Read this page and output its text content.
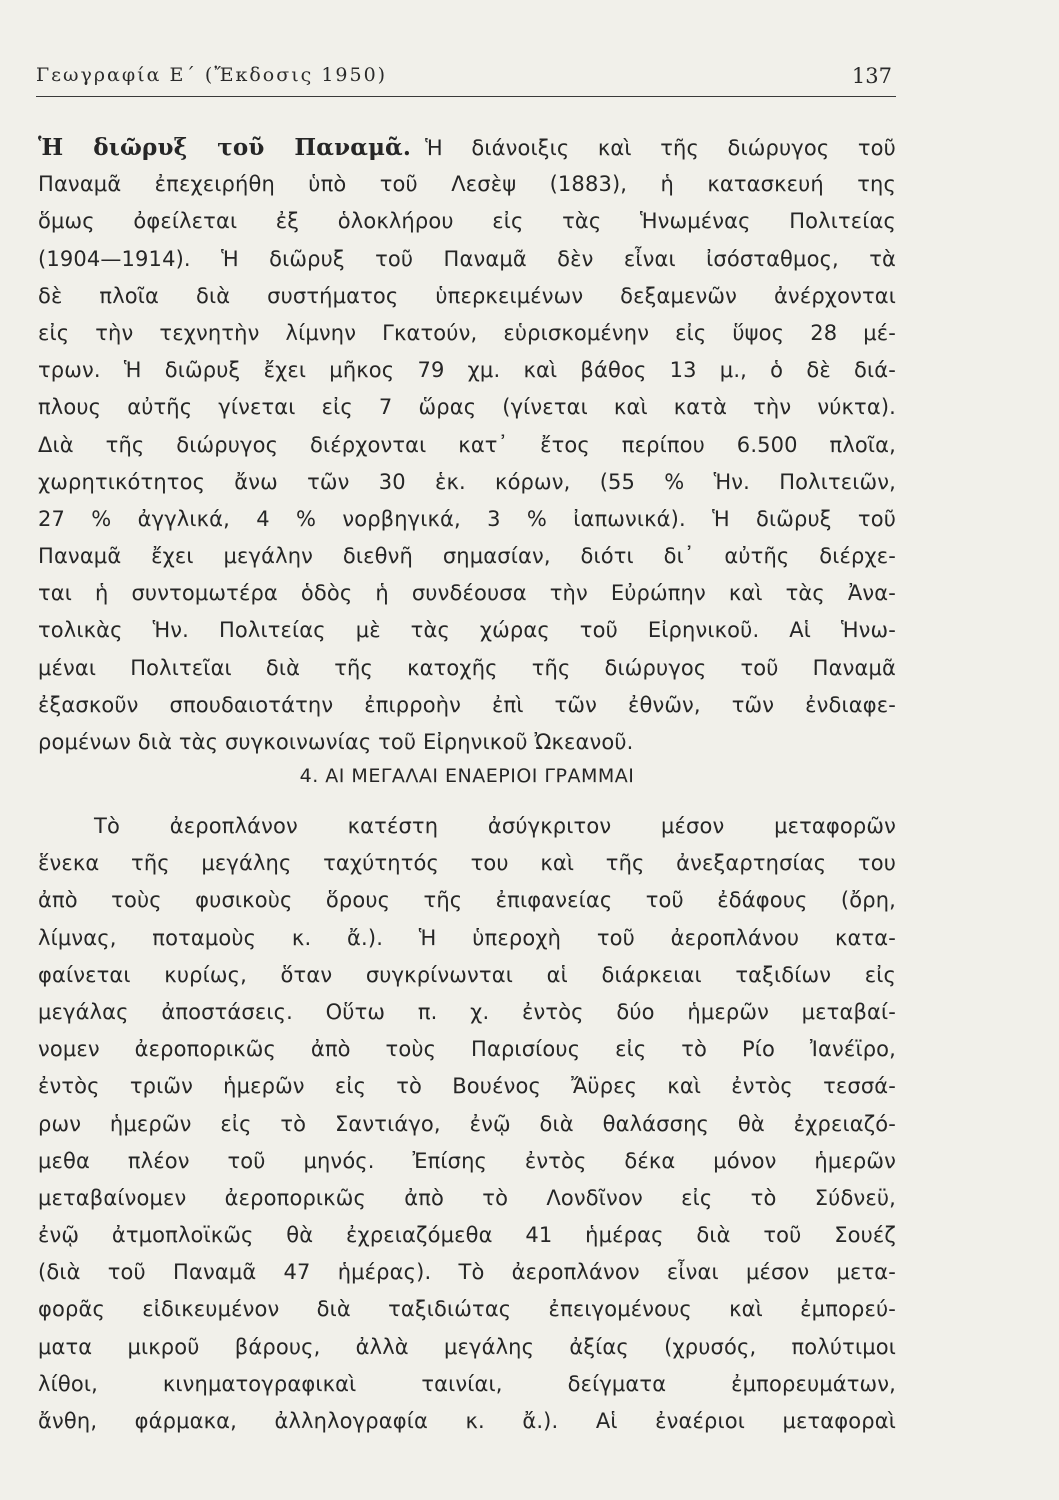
Γεωγραφία Ε΄ (Ἔκδοσις 1950)	137
Ἡ διῶρυξ τοῦ Παναμᾶ. Ἡ διάνοιξις καὶ τῆς διώρυγος τοῦ
Παναμᾶ ἐπεχειρήθη ὑπὸ τοῦ Λεσὲψ (1883), ἡ κατασκευή της
ὅμως ὀφείλεται ἐξ ὁλοκλήρου εἰς τὰς Ἡνωμένας Πολιτείας
(1904—1914). Ἡ διῶρυξ τοῦ Παναμᾶ δὲν εἶναι ἰσόσταθμος, τὰ
δὲ πλοῖα διὰ συστήματος ὑπερκειμένων δεξαμενῶν ἀνέρχονται
εἰς τὴν τεχνητὴν λίμνην Γκατούν, εὑρισκομένην εἰς ὕψος 28 μέ-
τρων. Ἡ διῶρυξ ἔχει μῆκος 79 χμ. καὶ βάθος 13 μ., ὁ δὲ διά-
πλους αὐτῆς γίνεται εἰς 7 ὥρας (γίνεται καὶ κατὰ τὴν νύκτα).
Διὰ τῆς διώρυγος διέρχονται κατ᾽ ἔτος περίπου 6.500 πλοῖα,
χωρητικότητος ἄνω τῶν 30 ἑκ. κόρων, (55 % Ἡν. Πολιτειῶν,
27 % ἀγγλικά, 4 % νορβηγικά, 3 % ἰαπωνικά). Ἡ διῶρυξ τοῦ
Παναμᾶ ἔχει μεγάλην διεθνῆ σημασίαν, διότι δι᾽ αὐτῆς διέρχε-
ται ἡ συντομωτέρα ὁδὸς ἡ συνδέουσα τὴν Εὐρώπην καὶ τὰς Ἀνα-
τολικὰς Ἡν. Πολιτείας μὲ τὰς χώρας τοῦ Εἰρηνικοῦ. Αἱ Ἡνω-
μέναι Πολιτεῖαι διὰ τῆς κατοχῆς τῆς διώρυγος τοῦ Παναμᾶ
ἐξασκοῦν σπουδαιοτάτην ἐπιρροὴν ἐπὶ τῶν ἐθνῶν, τῶν ἐνδιαφε-
ρομένων διὰ τὰς συγκοινωνίας τοῦ Εἰρηνικοῦ Ὠκεανοῦ.
4. ΑΙ ΜΕΓΑΛΑΙ ΕΝΑΕΡΙΟΙ ΓΡΑΜΜΑΙ
Τὸ ἀεροπλάνον κατέστη ἀσύγκριτον μέσον μεταφορῶν
ἕνεκα τῆς μεγάλης ταχύτητός του καὶ τῆς ἀνεξαρτησίας του
ἀπὸ τοὺς φυσικοὺς ὅρους τῆς ἐπιφανείας τοῦ ἐδάφους (ὄρη,
λίμνας, ποταμοὺς κ. ἄ.). Ἡ ὑπεροχὴ τοῦ ἀεροπλάνου κατα-
φαίνεται κυρίως, ὅταν συγκρίνωνται αἱ διάρκειαι ταξιδίων εἰς
μεγάλας ἀποστάσεις. Οὕτω π. χ. ἐντὸς δύο ἡμερῶν μεταβαί-
νομεν ἀεροπορικῶς ἀπὸ τοὺς Παρισίους εἰς τὸ Ρίο Ἰανέϊρο,
ἐντὸς τριῶν ἡμερῶν εἰς τὸ Βουένος Ἄϋρες καὶ ἐντὸς τεσσά-
ρων ἡμερῶν εἰς τὸ Σαντιάγο, ἐνῷ διὰ θαλάσσης θὰ ἐχρειαζό-
μεθα πλέον τοῦ μηνός. Ἐπίσης ἐντὸς δέκα μόνον ἡμερῶν
μεταβαίνομεν ἀεροπορικῶς ἀπὸ τὸ Λονδῖνον εἰς τὸ Σύδνεϋ,
ἐνῷ ἀτμοπλοϊκῶς θὰ ἐχρειαζόμεθα 41 ἡμέρας διὰ τοῦ Σουέζ
(διὰ τοῦ Παναμᾶ 47 ἡμέρας). Τὸ ἀεροπλάνον εἶναι μέσον μετα-
φορᾶς εἰδικευμένον διὰ ταξιδιώτας ἐπειγομένους καὶ ἐμπορεύ-
ματα μικροῦ βάρους, ἀλλὰ μεγάλης ἀξίας (χρυσός, πολύτιμοι
λίθοι, κινηματογραφικαὶ ταινίαι, δείγματα ἐμπορευμάτων,
ἄνθη, φάρμακα, ἀλληλογραφία κ. ἄ.). Αἱ ἐναέριοι μεταφοραὶ
